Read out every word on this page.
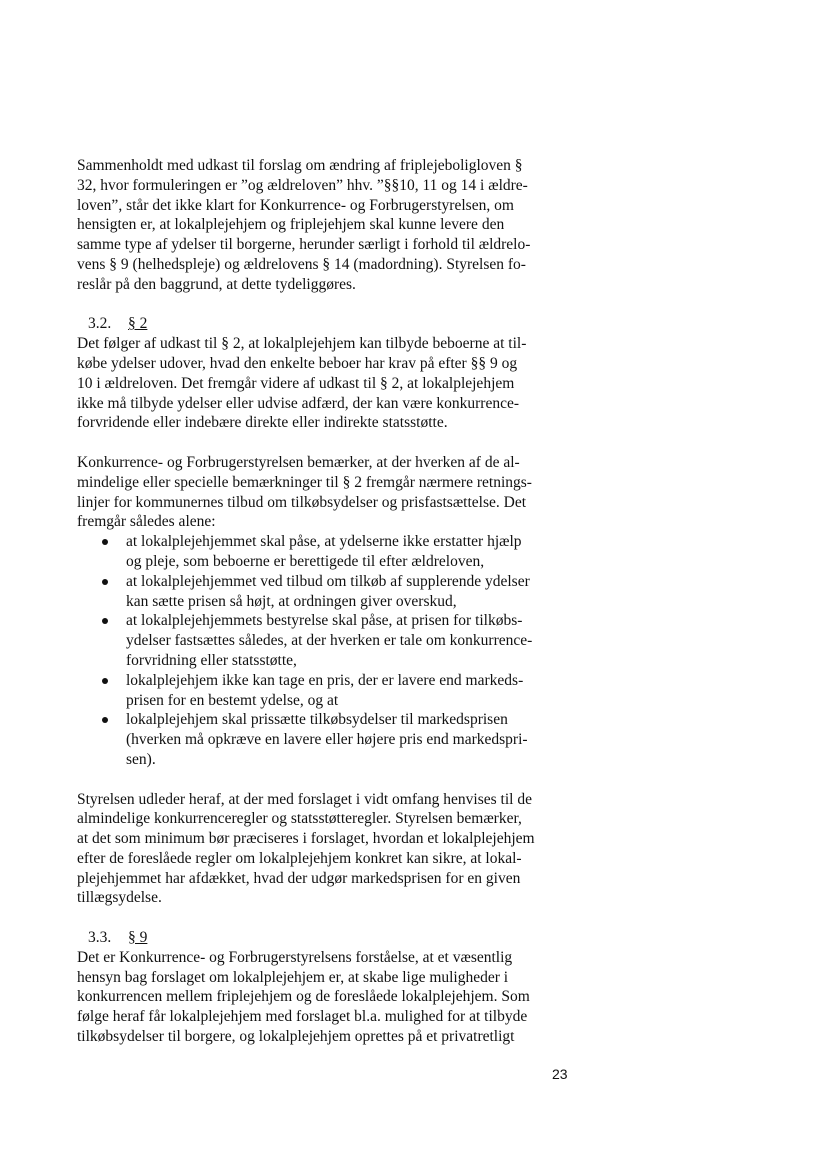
Sammenholdt med udkast til forslag om ændring af friplejeboligloven §
32, hvor formuleringen er ”og ældreloven” hhv. ”§§10, 11 og 14 i ældre-
loven”, står det ikke klart for Konkurrence- og Forbrugerstyrelsen, om
hensigten er, at lokalplejehjem og friplejehjem skal kunne levere den
samme type af ydelser til borgerne, herunder særligt i forhold til ældrelo-
vens § 9 (helhedspleje) og ældrelovens § 14 (madordning). Styrelsen fo-
reslår på den baggrund, at dette tydeliggøres.
3.2. § 2
Det følger af udkast til § 2, at lokalplejehjem kan tilbyde beboerne at til-
købe ydelser udover, hvad den enkelte beboer har krav på efter §§ 9 og
10 i ældreloven. Det fremgår videre af udkast til § 2, at lokalplejehjem
ikke må tilbyde ydelser eller udvise adfærd, der kan være konkurrence-
forvridende eller indebære direkte eller indirekte statsstøtte.
Konkurrence- og Forbrugerstyrelsen bemærker, at der hverken af de al-
mindelige eller specielle bemærkninger til § 2 fremgår nærmere retnings-
linjer for kommunernes tilbud om tilkøbsydelser og prisfastsættelse. Det
fremgår således alene:
at lokalplejehjemmet skal påse, at ydelserne ikke erstatter hjælp
og pleje, som beboerne er berettigede til efter ældreloven,
at lokalplejehjemmet ved tilbud om tilkøb af supplerende ydelser
kan sætte prisen så højt, at ordningen giver overskud,
at lokalplejehjemmets bestyrelse skal påse, at prisen for tilkøbs-
ydelser fastsættes således, at der hverken er tale om konkurrence-
forvridning eller statsstøtte,
lokalplejehjem ikke kan tage en pris, der er lavere end markeds-
prisen for en bestemt ydelse, og at
lokalplejehjem skal prissætte tilkøbsydelser til markedsprisen
(hverken må opkræve en lavere eller højere pris end markedspri-
sen).
Styrelsen udleder heraf, at der med forslaget i vidt omfang henvises til de
almindelige konkurrenceregler og statsstøtteregler. Styrelsen bemærker,
at det som minimum bør præciseres i forslaget, hvordan et lokalplejehjem
efter de foreslåede regler om lokalplejehjem konkret kan sikre, at lokal-
plejehjemmet har afdækket, hvad der udgør markedsprisen for en given
tillægsydelse.
3.3. § 9
Det er Konkurrence- og Forbrugerstyrelsens forståelse, at et væsentlig
hensyn bag forslaget om lokalplejehjem er, at skabe lige muligheder i
konkurrencen mellem friplejehjem og de foreslåede lokalplejehjem. Som
følge heraf får lokalplejehjem med forslaget bl.a. mulighed for at tilbyde
tilkøbsydelser til borgere, og lokalplejehjem oprettes på et privatretligt
23
